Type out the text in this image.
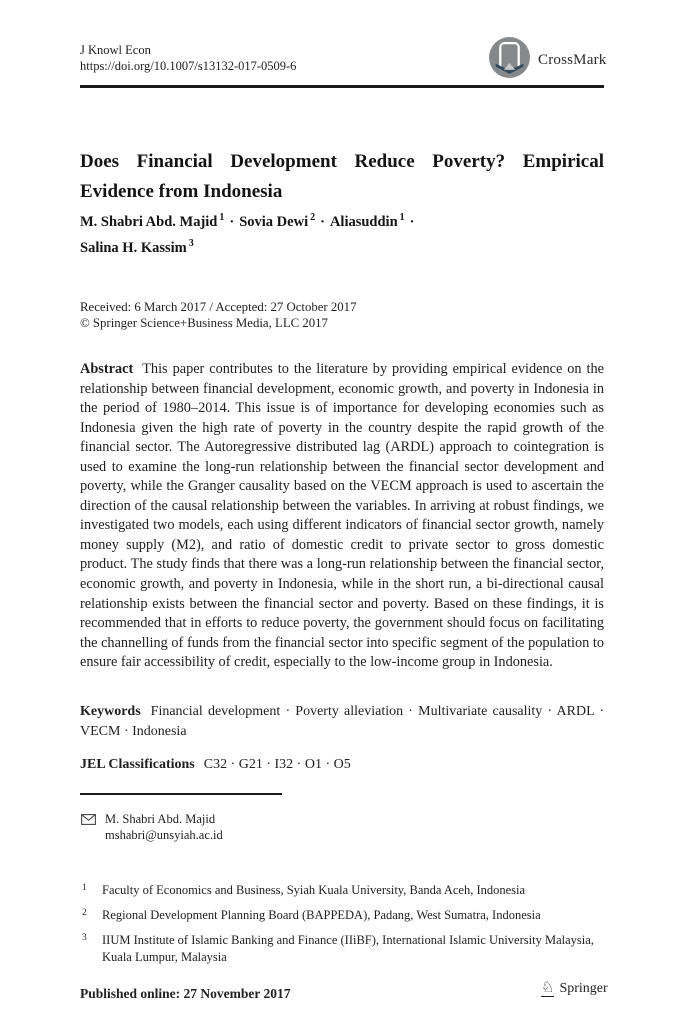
J Knowl Econ
https://doi.org/10.1007/s13132-017-0509-6	CrossMark
Does Financial Development Reduce Poverty? Empirical Evidence from Indonesia
M. Shabri Abd. Majid $^1$ · Sovia Dewi $^2$ · Aliasuddin $^1$ ·
Salina H. Kassim $^3$
Received: 6 March 2017 / Accepted: 27 October 2017
© Springer Science+Business Media, LLC 2017

Abstract This paper contributes to the literature by providing empirical evidence on the relationship between financial development, economic growth, and poverty in Indonesia in the period of 1980–2014. This issue is of importance for developing economies such as Indonesia given the high rate of poverty in the country despite the rapid growth of the financial sector. The Autoregressive distributed lag (ARDL) approach to cointegration is used to examine the long-run relationship between the financial sector development and poverty, while the Granger causality based on the VECM approach is used to ascertain the direction of the causal relationship between the variables. In arriving at robust findings, we investigated two models, each using different indicators of financial sector growth, namely money supply (M2), and ratio of domestic credit to private sector to gross domestic product. The study finds that there was a long-run relationship between the financial sector, economic growth, and poverty in Indonesia, while in the short run, a bi-directional causal relationship exists between the financial sector and poverty. Based on these findings, it is recommended that in efforts to reduce poverty, the government should focus on facilitating the channelling of funds from the financial sector into specific segment of the population to ensure fair accessibility of credit, especially to the low-income group in Indonesia.

Keywords Financial development · Poverty alleviation · Multivariate causality · ARDL · VECM · Indonesia

JEL Classifications C32 · G21 · I32 · O1 · O5

M. Shabri Abd. Majid
mshabri@unsyiah.ac.id
1	Faculty of Economics and Business, Syiah Kuala University, Banda Aceh, Indonesia
2	Regional Development Planning Board (BAPPEDA), Padang, West Sumatra, Indonesia
3	IIUM Institute of Islamic Banking and Finance (IIiBF), International Islamic University Malaysia, Kuala Lumpur, Malaysia
Published online: 27 November 2017	♘ Springer
